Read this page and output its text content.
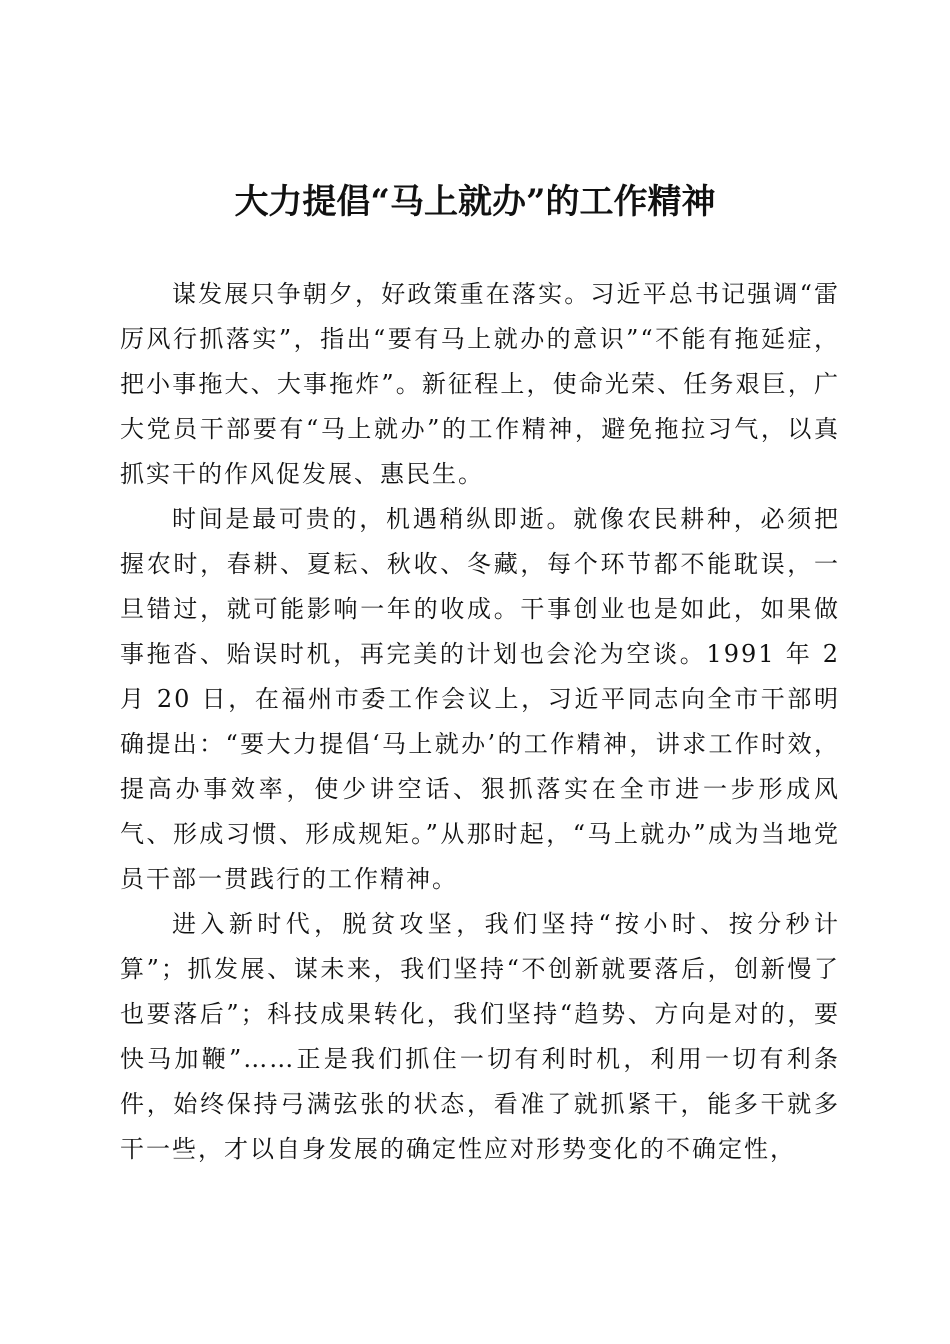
大力提倡“马上就办”的工作精神

谋发展只争朝夕，好政策重在落实。习近平总书记强调“雷厉风行抓落实”，指出“要有马上就办的意识”“不能有拖延症，把小事拖大、大事拖炸”。新征程上，使命光荣、任务艰巨，广大党员干部要有“马上就办”的工作精神，避免拖拉习气，以真抓实干的作风促发展、惠民生。

时间是最可贵的，机遇稍纵即逝。就像农民耕种，必须把握农时，春耕、夏耘、秋收、冬藏，每个环节都不能耽误，一旦错过，就可能影响一年的收成。干事创业也是如此，如果做事拖沓、贻误时机，再完美的计划也会沦为空谈。1991 年 2 月 20 日，在福州市委工作会议上，习近平同志向全市干部明确提出：“要大力提倡‘马上就办’的工作精神，讲求工作时效，提高办事效率，使少讲空话、狠抓落实在全市进一步形成风气、形成习惯、形成规矩。”从那时起，“马上就办”成为当地党员干部一贯践行的工作精神。

进入新时代，脱贫攻坚，我们坚持“按小时、按分秒计算”；抓发展、谋未来，我们坚持“不创新就要落后，创新慢了也要落后”；科技成果转化，我们坚持“趋势、方向是对的，要快马加鞭”……正是我们抓住一切有利时机，利用一切有利条件，始终保持弓满弦张的状态，看准了就抓紧干，能多干就多干一些，才以自身发展的确定性应对形势变化的不确定性，
